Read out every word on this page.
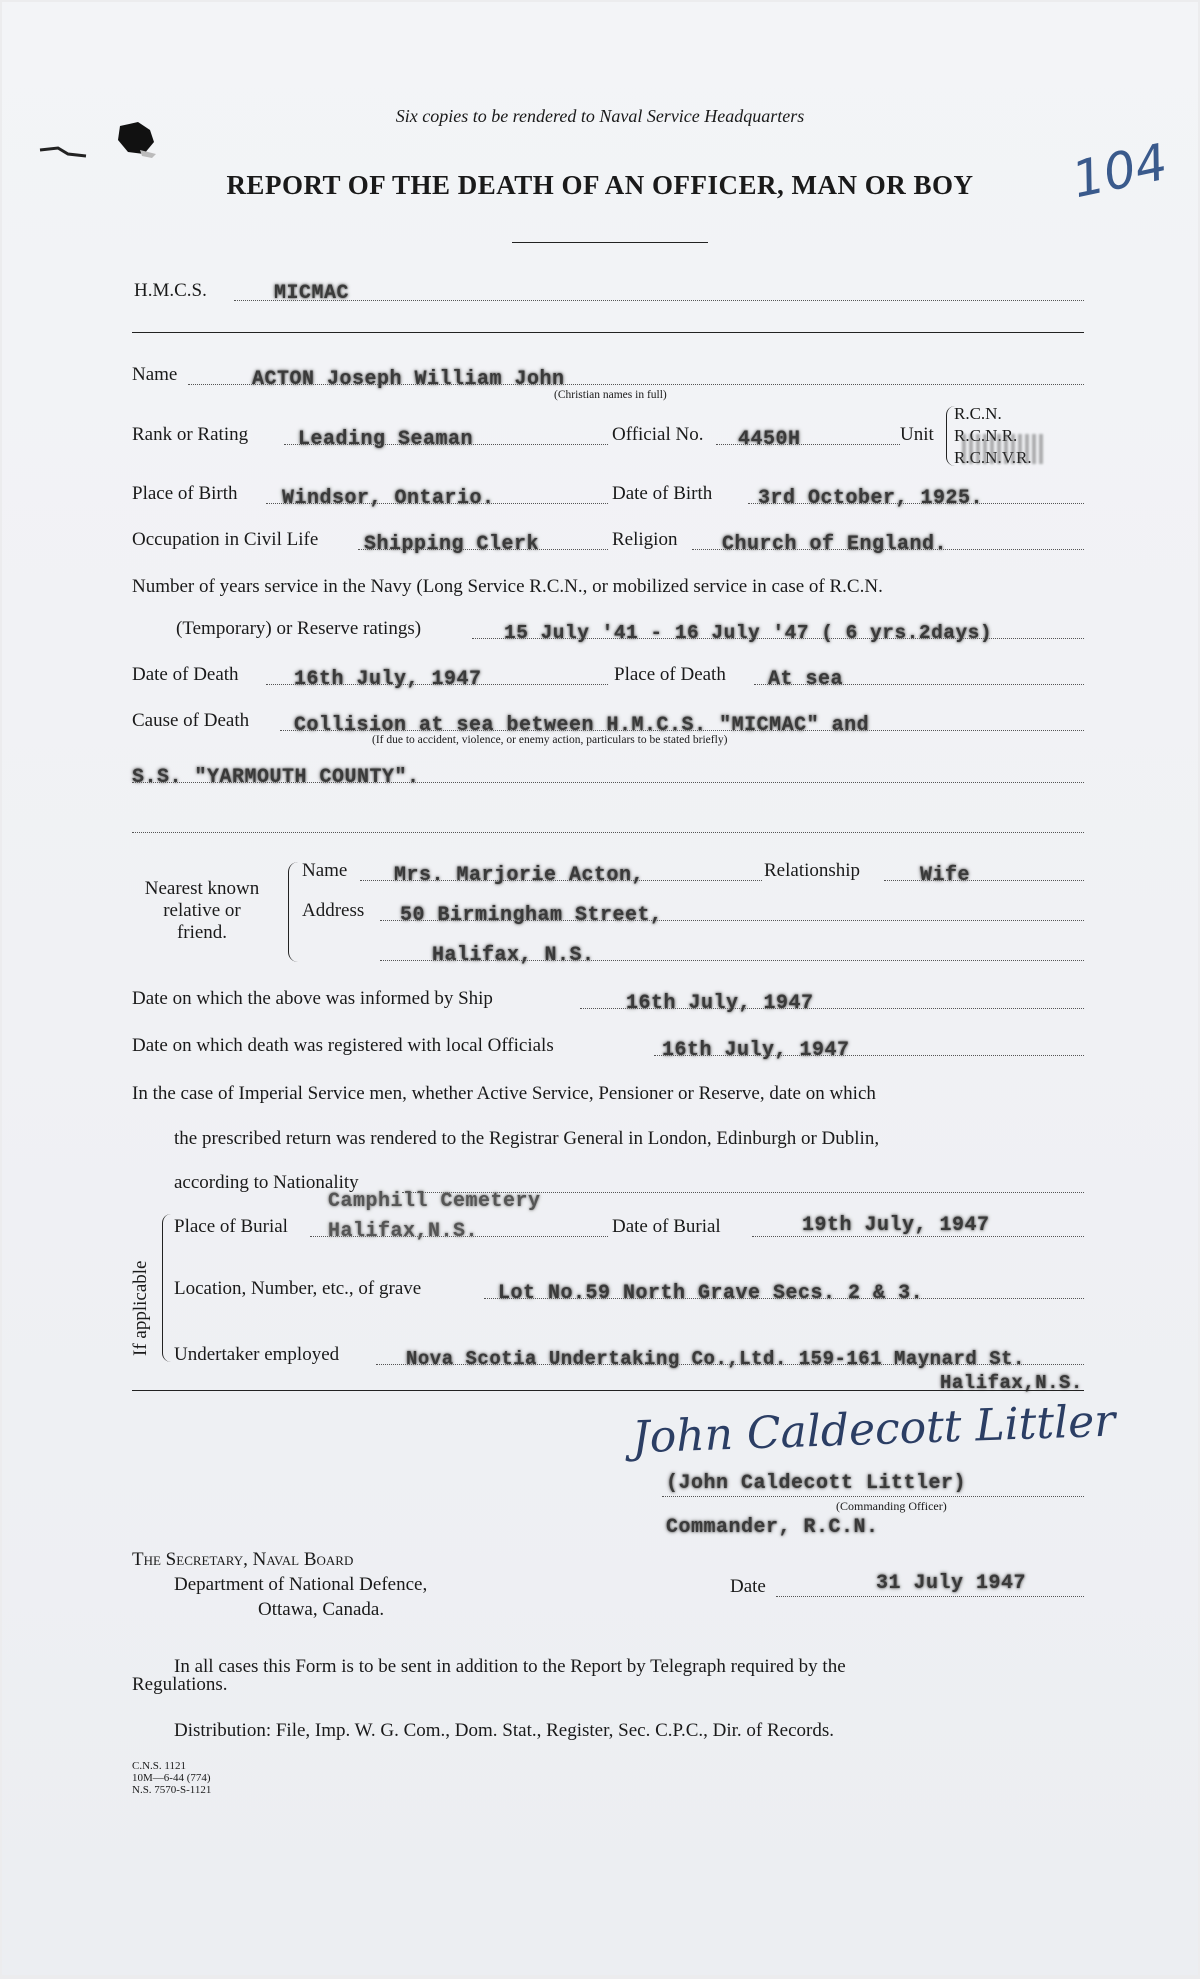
Six copies to be rendered to Naval Service Headquarters
REPORT OF THE DEATH OF AN OFFICER, MAN OR BOY	104
H.M.C.S.	MICMAC
Name	ACTON Joseph William John
(Christian names in full)
Rank or Rating Leading Seaman	Official No. 4450H	Unit
R.C.N.
R.C.N.R.
R.C.N.V.R.
Place of Birth Windsor, Ontario.	Date of Birth 3rd October, 1925.
Occupation in Civil Life Shipping Clerk	Religion Church of England.
Number of years service in the Navy (Long Service R.C.N., or mobilized service in case of R.C.N.
(Temporary) or Reserve ratings)	15 July '41 - 16 July '47 ( 6 yrs.2days)
Date of Death	16th July, 1947	Place of Death At sea
Cause of Death Collision at sea between H.M.C.S. "MICMAC" and
(If due to accident, violence, or enemy action, particulars to be stated briefly)
S.S. "YARMOUTH COUNTY".
Nearest known
relative or
friend.
Name Mrs. Marjorie Acton,	Relationship	Wife
Address 50 Birmingham Street,
Halifax, N.S.
Date on which the above was informed by Ship	16th July, 1947
Date on which death was registered with local Officials	16th July, 1947
In the case of Imperial Service men, whether Active Service, Pensioner or Reserve, date on which
the prescribed return was rendered to the Registrar General in London, Edinburgh or Dublin,
according to Nationality
If applicable
Camphill Cemetery
Place of Burial Halifax,N.S.	Date of Burial	19th July, 1947
Location, Number, etc., of grave	Lot No.59 North Grave Secs. 2 & 3.
Undertaker employed	Nova Scotia Undertaking Co.,Ltd. 159-161 Maynard St.
Halifax,N.S.
John Caldecott Littler
(John Caldecott Littler)
(Commanding Officer)
Commander, R.C.N.
The Secretary, Naval Board
Department of National Defence,
Ottawa, Canada.
Date	31 July 1947
In all cases this Form is to be sent in addition to the Report by Telegraph required by the
Regulations.
Distribution: File, Imp. W. G. Com., Dom. Stat., Register, Sec. C.P.C., Dir. of Records.
C.N.S. 1121
10M—6-44 (774)
N.S. 7570-S-1121
